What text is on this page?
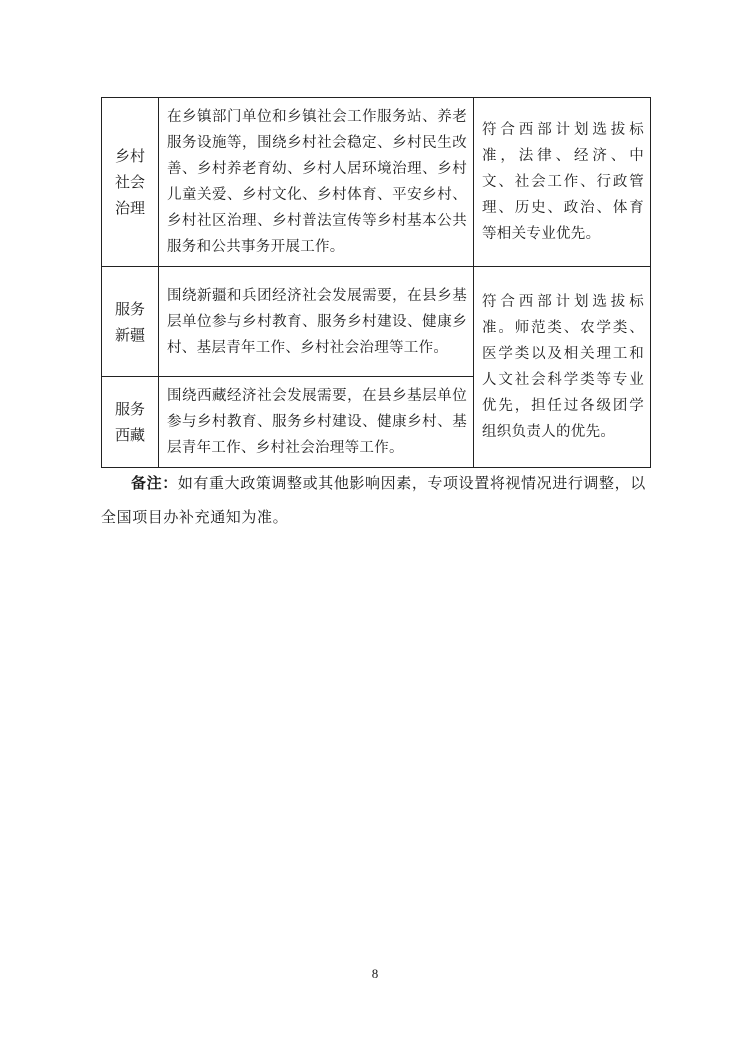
乡村
社会
治理	在乡镇部门单位和乡镇社会工作服务站、养老服务设施等，围绕乡村社会稳定、乡村民生改善、乡村养老育幼、乡村人居环境治理、乡村儿童关爱、乡村文化、乡村体育、平安乡村、乡村社区治理、乡村普法宣传等乡村基本公共服务和公共事务开展工作。	符合西部计划选拔标准，法律、经济、中文、社会工作、行政管理、历史、政治、体育等相关专业优先。

服务
新疆	围绕新疆和兵团经济社会发展需要，在县乡基层单位参与乡村教育、服务乡村建设、健康乡村、基层青年工作、乡村社会治理等工作。	符合西部计划选拔标准。师范类、农学类、医学类以及相关理工和人文社会科学类等专业优先，担任过各级团学组织负责人的优先。

服务
西藏	围绕西藏经济社会发展需要，在县乡基层单位参与乡村教育、服务乡村建设、健康乡村、基层青年工作、乡村社会治理等工作。	
备注：如有重大政策调整或其他影响因素，专项设置将视情况进行调整，以全国项目办补充通知为准。
8
